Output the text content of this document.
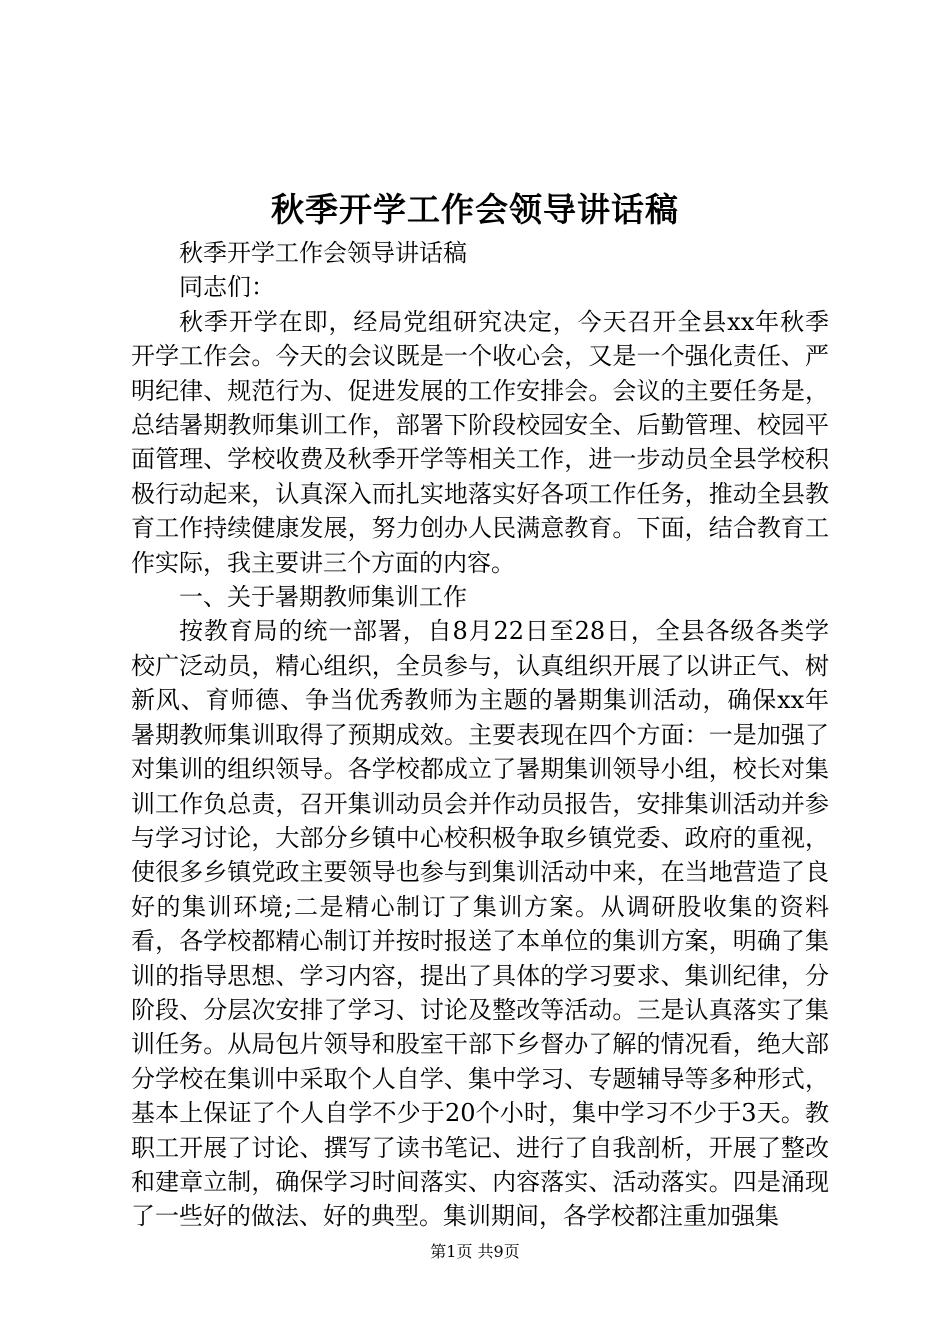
秋季开学工作会领导讲话稿

秋季开学工作会领导讲话稿

同志们：

秋季开学在即，经局党组研究决定，今天召开全县xx年秋季开学工作会。今天的会议既是一个收心会，又是一个强化责任、严明纪律、规范行为、促进发展的工作安排会。会议的主要任务是，总结暑期教师集训工作，部署下阶段校园安全、后勤管理、校园平面管理、学校收费及秋季开学等相关工作，进一步动员全县学校积极行动起来，认真深入而扎实地落实好各项工作任务，推动全县教育工作持续健康发展，努力创办人民满意教育。下面，结合教育工作实际，我主要讲三个方面的内容。

一、关于暑期教师集训工作

按教育局的统一部署，自8月22日至28日，全县各级各类学校广泛动员，精心组织，全员参与，认真组织开展了以讲正气、树新风、育师德、争当优秀教师为主题的暑期集训活动，确保xx年暑期教师集训取得了预期成效。主要表现在四个方面：一是加强了对集训的组织领导。各学校都成立了暑期集训领导小组，校长对集训工作负总责，召开集训动员会并作动员报告，安排集训活动并参与学习讨论，大部分乡镇中心校积极争取乡镇党委、政府的重视，使很多乡镇党政主要领导也参与到集训活动中来，在当地营造了良好的集训环境;二是精心制订了集训方案。从调研股收集的资料看，各学校都精心制订并按时报送了本单位的集训方案，明确了集训的指导思想、学习内容，提出了具体的学习要求、集训纪律，分阶段、分层次安排了学习、讨论及整改等活动。三是认真落实了集训任务。从局包片领导和股室干部下乡督办了解的情况看，绝大部分学校在集训中采取个人自学、集中学习、专题辅导等多种形式，基本上保证了个人自学不少于20个小时，集中学习不少于3天。教职工开展了讨论、撰写了读书笔记、进行了自我剖析，开展了整改和建章立制，确保学习时间落实、内容落实、活动落实。四是涌现了一些好的做法、好的典型。集训期间，各学校都注重加强集

第1页 共9页
